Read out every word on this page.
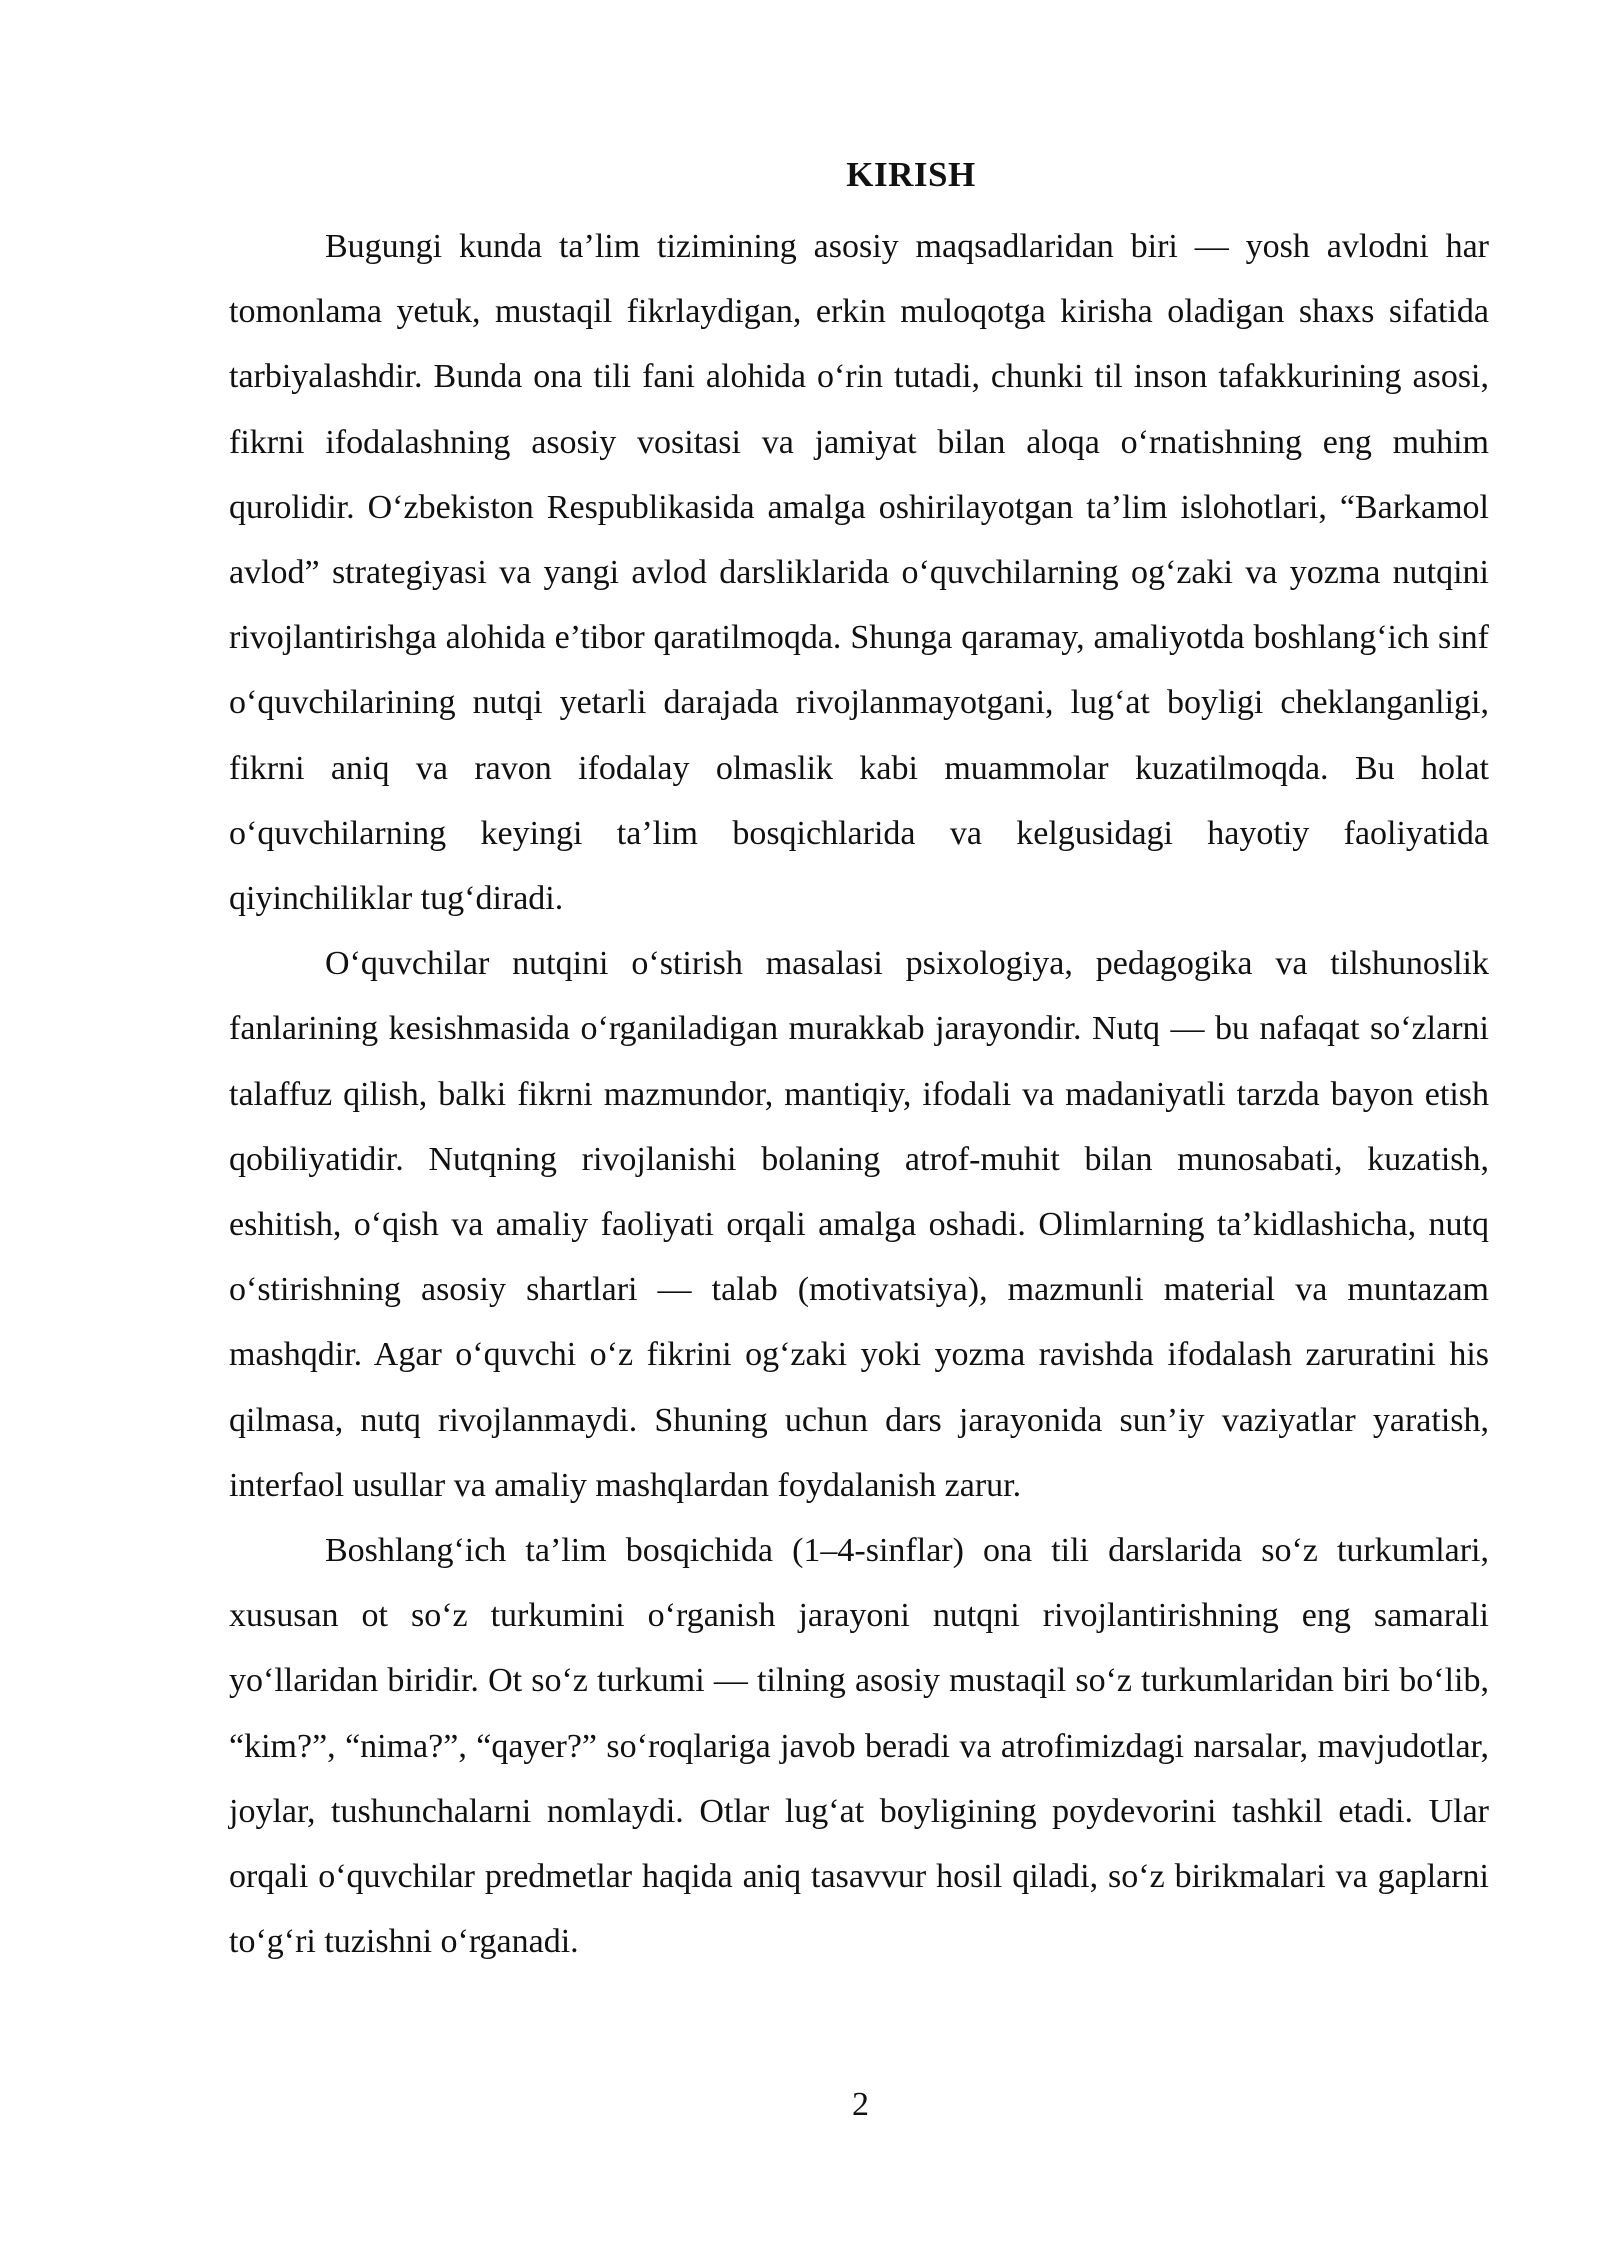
KIRISH

Bugungi kunda ta’lim tizimining asosiy maqsadlaridan biri — yosh avlodni har tomonlama yetuk, mustaqil fikrlaydigan, erkin muloqotga kirisha oladigan shaxs sifatida tarbiyalashdir. Bunda ona tili fani alohida o‘rin tutadi, chunki til inson tafakkurining asosi, fikrni ifodalashning asosiy vositasi va jamiyat bilan aloqa o‘rnatishning eng muhim qurolidir. O‘zbekiston Respublikasida amalga oshirilayotgan ta’lim islohotlari, “Barkamol avlod” strategiyasi va yangi avlod darsliklarida o‘quvchilarning og‘zaki va yozma nutqini rivojlantirishga alohida e’tibor qaratilmoqda. Shunga qaramay, amaliyotda boshlang‘ich sinf o‘quvchilarining nutqi yetarli darajada rivojlanmayotgani, lug‘at boyligi cheklanganligi, fikrni aniq va ravon ifodalay olmaslik kabi muammolar kuzatilmoqda. Bu holat o‘quvchilarning keyingi ta’lim bosqichlarida va kelgusidagi hayotiy faoliyatida qiyinchiliklar tug‘diradi.

O‘quvchilar nutqini o‘stirish masalasi psixologiya, pedagogika va tilshunoslik fanlarining kesishmasida o‘rganiladigan murakkab jarayondir. Nutq — bu nafaqat so‘zlarni talaffuz qilish, balki fikrni mazmundor, mantiqiy, ifodali va madaniyatli tarzda bayon etish qobiliyatidir. Nutqning rivojlanishi bolaning atrof-muhit bilan munosabati, kuzatish, eshitish, o‘qish va amaliy faoliyati orqali amalga oshadi. Olimlarning ta’kidlashicha, nutq o‘stirishning asosiy shartlari — talab (motivatsiya), mazmunli material va muntazam mashqdir. Agar o‘quvchi o‘z fikrini og‘zaki yoki yozma ravishda ifodalash zaruratini his qilmasa, nutq rivojlanmaydi. Shuning uchun dars jarayonida sun’iy vaziyatlar yaratish, interfaol usullar va amaliy mashqlardan foydalanish zarur.

Boshlang‘ich ta’lim bosqichida (1–4-sinflar) ona tili darslarida so‘z turkumlari, xususan ot so‘z turkumini o‘rganish jarayoni nutqni rivojlantirishning eng samarali yo‘llaridan biridir. Ot so‘z turkumi — tilning asosiy mustaqil so‘z turkumlaridan biri bo‘lib, “kim?”, “nima?”, “qayer?” so‘roqlariga javob beradi va atrofimizdagi narsalar, mavjudotlar, joylar, tushunchalarni nomlaydi. Otlar lug‘at boyligining poydevorini tashkil etadi. Ular orqali o‘quvchilar predmetlar haqida aniq tasavvur hosil qiladi, so‘z birikmalari va gaplarni to‘g‘ri tuzishni o‘rganadi.

2
